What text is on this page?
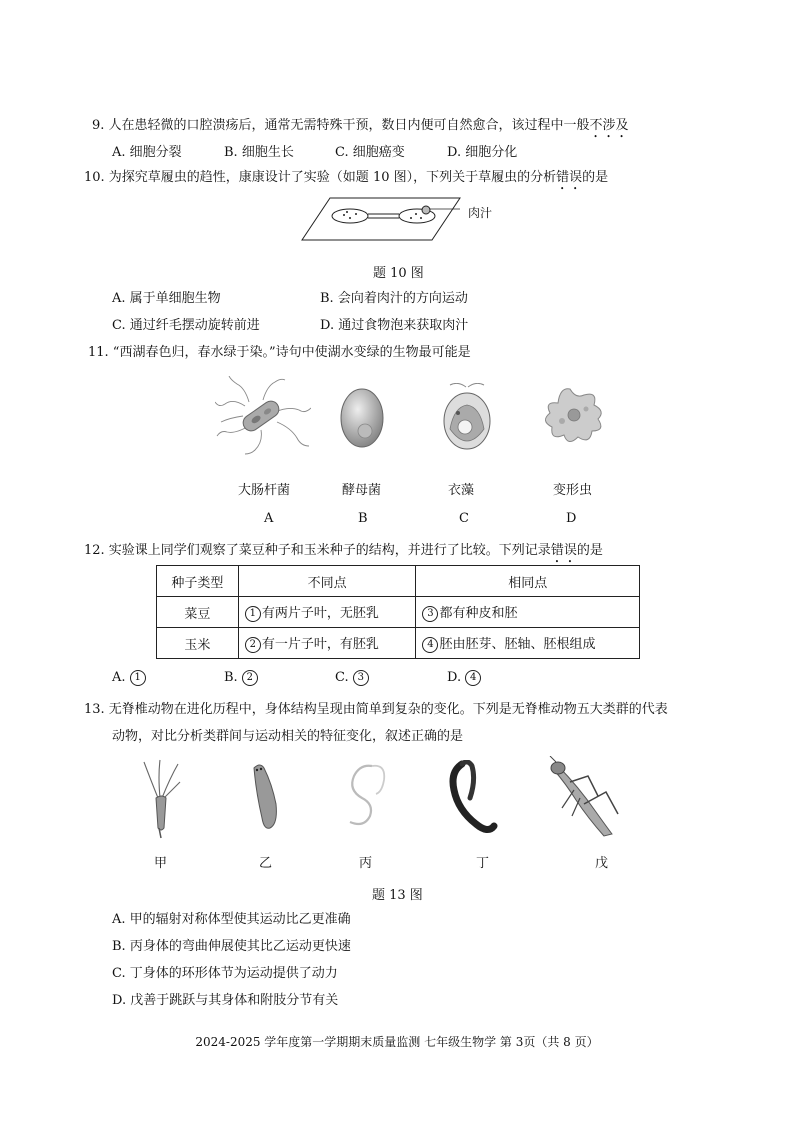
9. 人在患轻微的口腔溃疡后，通常无需特殊干预，数日内便可自然愈合，该过程中一般不涉及
A. 细胞分裂	B. 细胞生长	C. 细胞癌变	D. 细胞分化
10. 为探究草履虫的趋性，康康设计了实验（如题 10 图），下列关于草履虫的分析错误的是
肉汁
题 10 图
A. 属于单细胞生物	B. 会向着肉汁的方向运动
C. 通过纤毛摆动旋转前进	D. 通过食物泡来获取肉汁
11. “西湖春色归，春水绿于染。”诗句中使湖水变绿的生物最可能是
大肠杆菌	酵母菌	衣藻	变形虫
A	B	C	D
12. 实验课上同学们观察了菜豆种子和玉米种子的结构，并进行了比较。下列记录错误的是
种子类型	不同点	相同点
菜豆	1 有两片子叶，无胚乳	3 都有种皮和胚
玉米	2 有一片子叶，有胚乳	4 胚由胚芽、胚轴、胚根组成
A. 1	B. 2	C. 3	D. 4
13. 无脊椎动物在进化历程中，身体结构呈现由简单到复杂的变化。下列是无脊椎动物五大类群的代表
动物，对比分析类群间与运动相关的特征变化，叙述正确的是
甲	乙	丙	丁	戊
题 13 图
A. 甲的辐射对称体型使其运动比乙更准确
B. 丙身体的弯曲伸展使其比乙运动更快速
C. 丁身体的环形体节为运动提供了动力
D. 戊善于跳跃与其身体和附肢分节有关
2024-2025 学年度第一学期期末质量监测 七年级生物学 第 3页（共 8 页）
